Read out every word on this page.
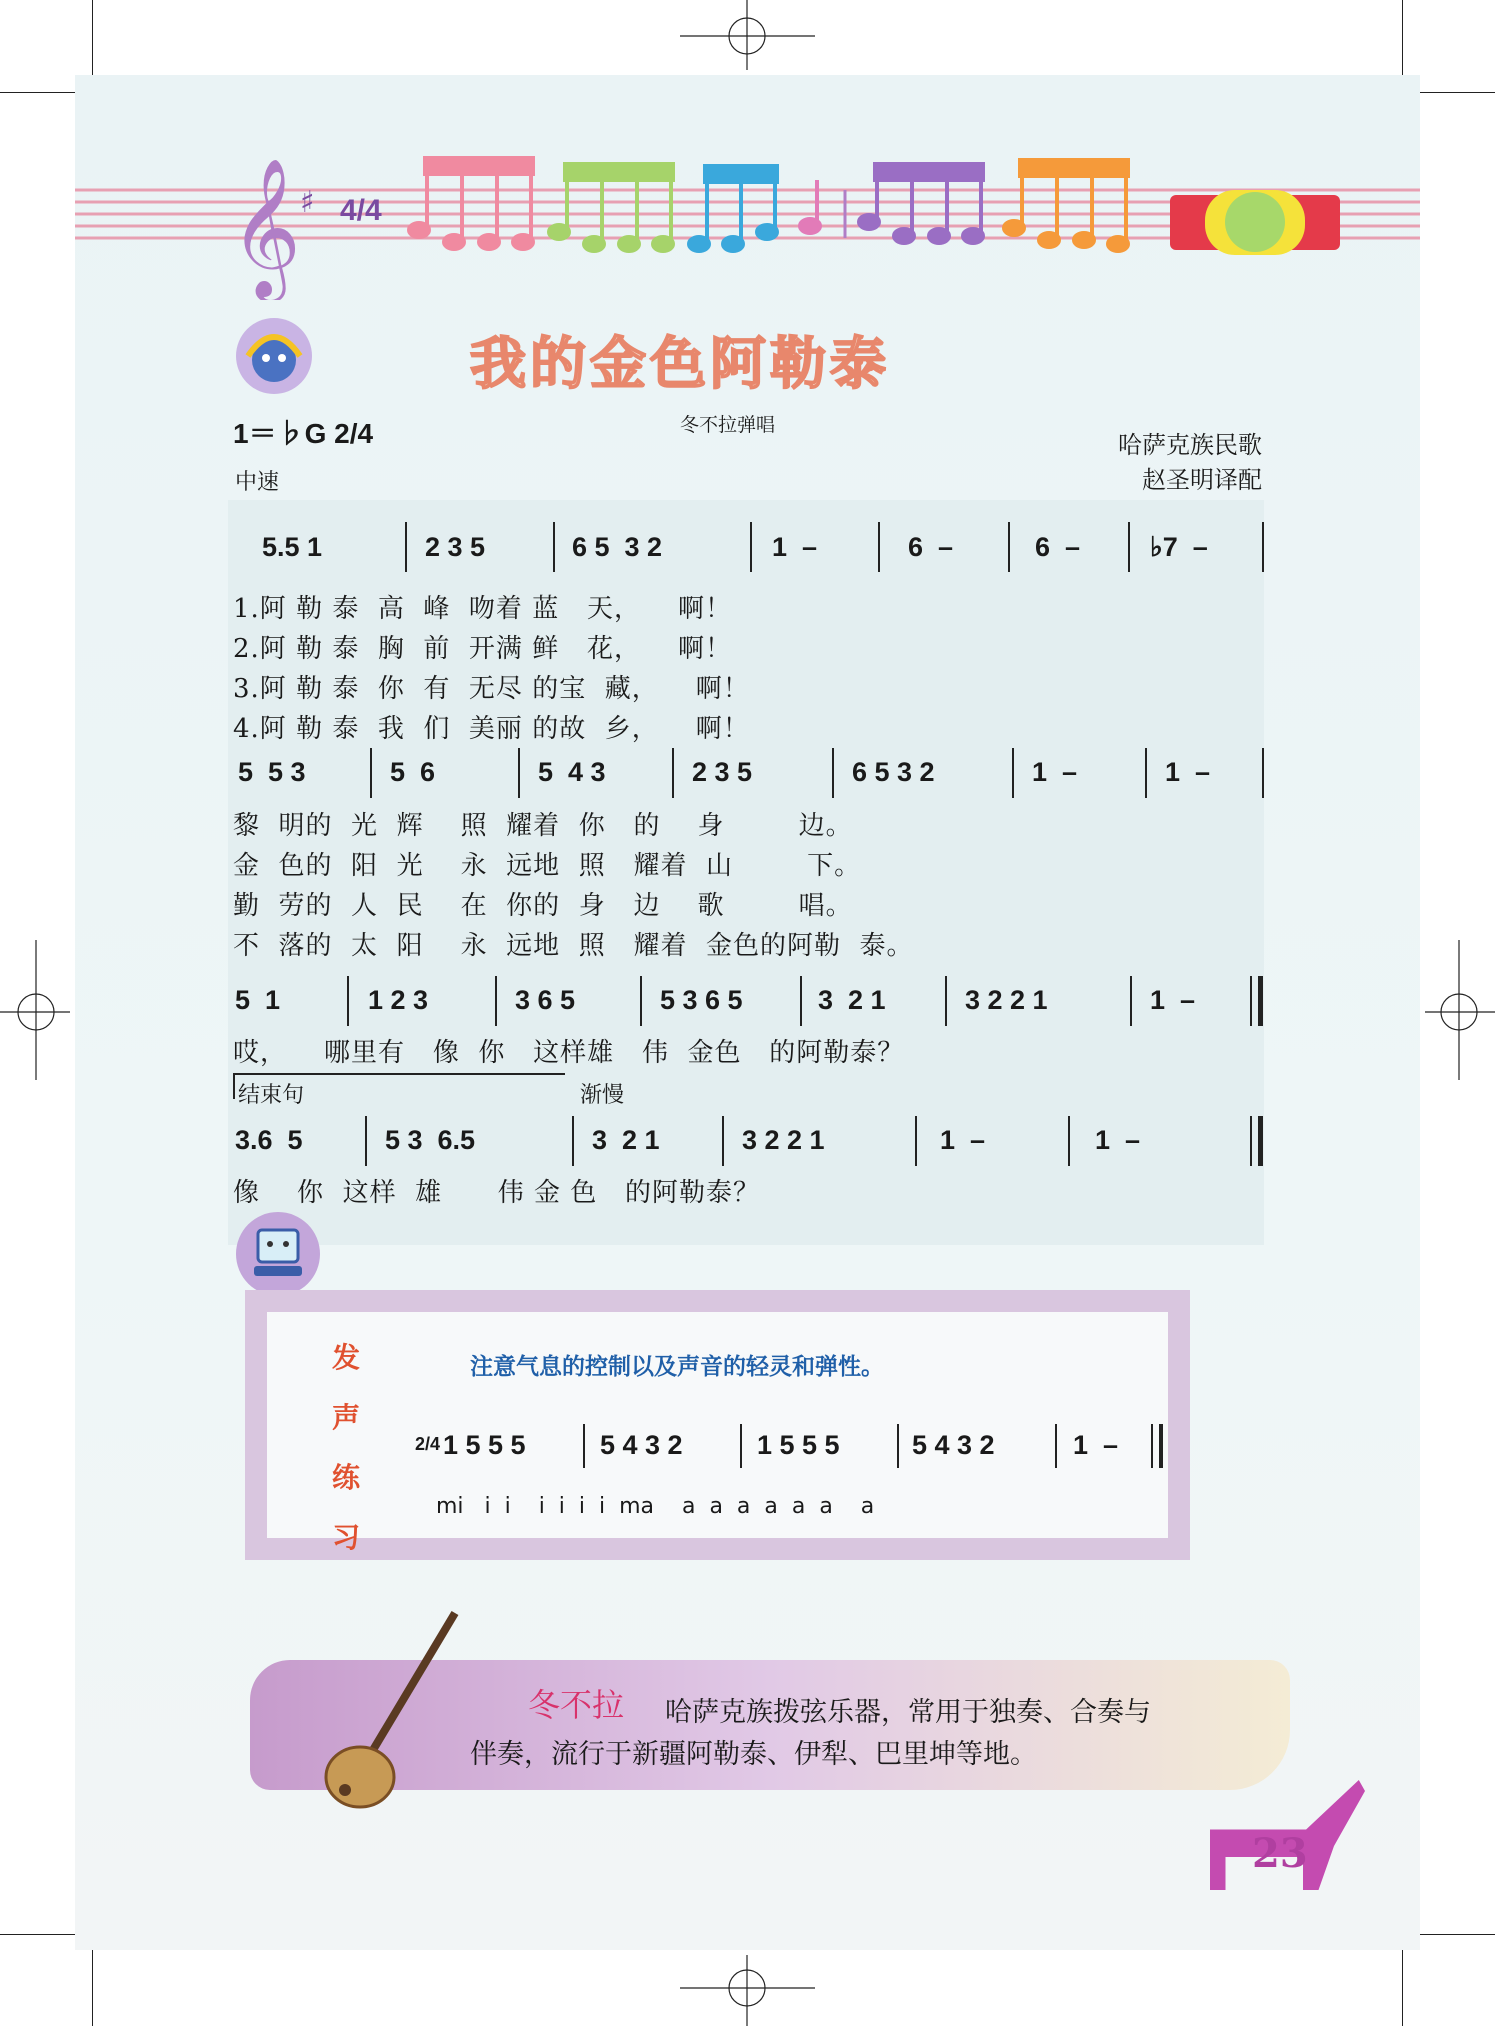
𝄞 ♯ 4/4
我的金色阿勒泰
冬不拉弹唱
1＝♭G 2/4
中速
哈萨克族民歌
赵圣明译配
5.5 1	2 3 5	6 5  3 2	1  –	6  –	6  –	♭7  –
1.阿 勒 泰  高  峰  吻着 蓝   天，    啊！
2.阿 勒 泰  胸  前  开满 鲜   花，    啊！
3.阿 勒 泰  你  有  无尽 的宝  藏，    啊！
4.阿 勒 泰  我  们  美丽 的故  乡，    啊！
5  5 3	5  6	5  4 3	2 3 5	6 5 3 2	1  –	1  –
黎  明的  光  辉    照  耀着  你   的    身        边。
金  色的  阳  光    永  远地  照   耀着  山        下。
勤  劳的  人  民    在  你的  身   边    歌        唱。
不  落的  太  阳    永  远地  照   耀着  金色的阿勒  泰。
5  1	1 2 3	3 6 5	5 3 6 5	3  2 1	3 2 2 1	1  –
哎，    哪里有   像  你   这样雄   伟  金色   的阿勒泰？
结束句	渐慢
3.6  5	5 3  6.5	3  2 1	3 2 2 1	1  –	1  –
像    你  这样  雄      伟 金 色   的阿勒泰？
发
声
练
习
注意气息的控制以及声音的轻灵和弹性。
2/4 1 5 5 5	5 4 3 2	1 5 5 5	5 4 3 2	1  –
mi   i  i    i  i  i  i  ma    a  a  a  a  a  a    a
冬不拉 哈萨克族拨弦乐器，常用于独奏、合奏与
伴奏，流行于新疆阿勒泰、伊犁、巴里坤等地。
23
